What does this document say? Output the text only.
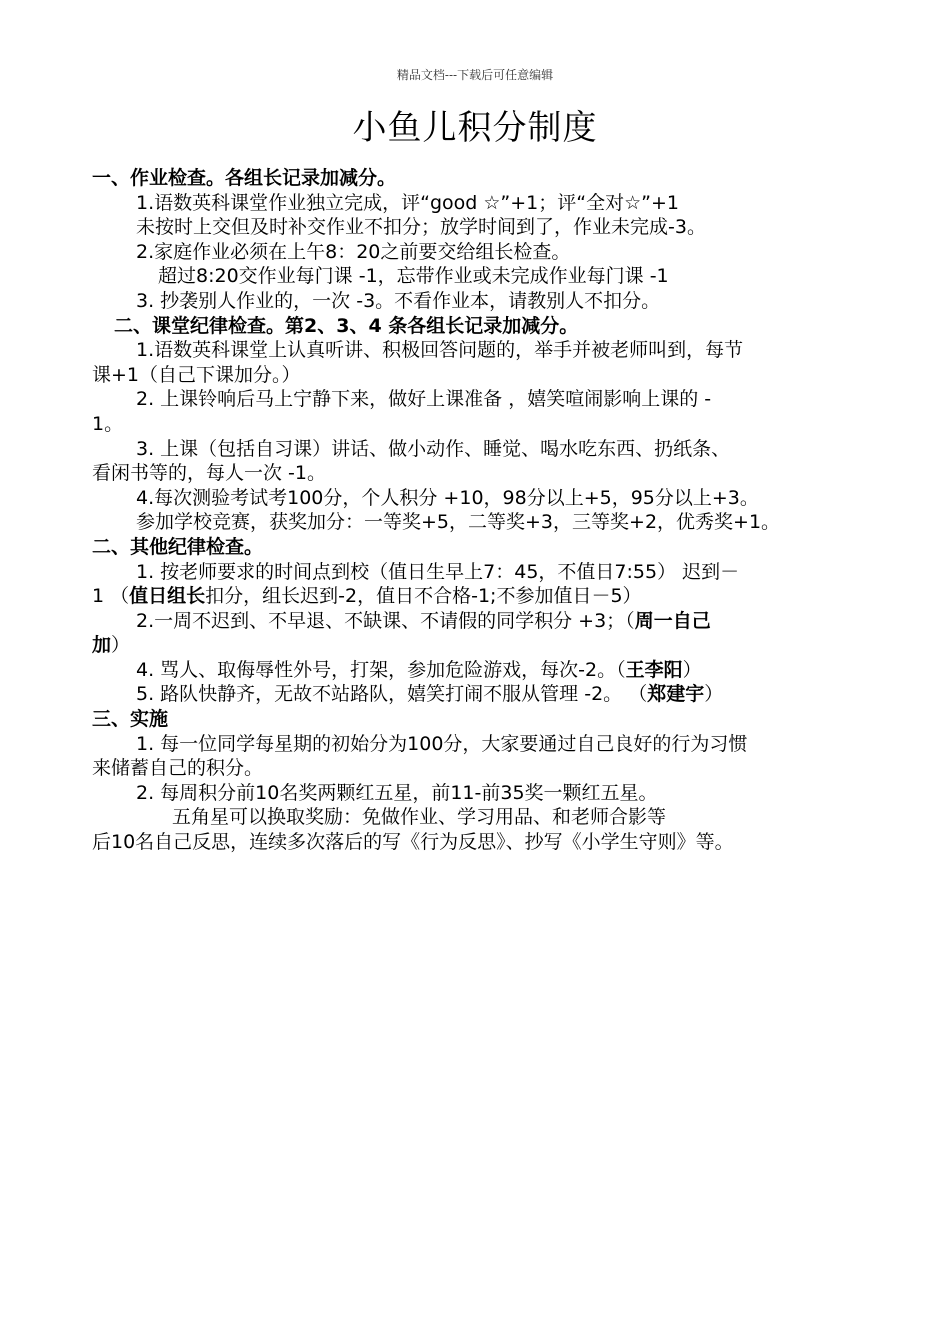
精品文档---下载后可任意编辑
小鱼儿积分制度

一、作业检查。各组长记录加减分。

1.语数英科课堂作业独立完成，评“good ☆”+1；评“全对☆”+1

未按时上交但及时补交作业不扣分；放学时间到了，作业未完成-3。

2.家庭作业必须在上午8：20之前要交给组长检查。

超过8:20交作业每门课 -1，忘带作业或未完成作业每门课 -1

3. 抄袭别人作业的，一次 -3。不看作业本，请教别人不扣分。

二、课堂纪律检查。第2、3、4 条各组长记录加减分。

1.语数英科课堂上认真听讲、积极回答问题的，举手并被老师叫到，每节

课+1（自己下课加分。）

2. 上课铃响后马上宁静下来，做好上课准备 ，嬉笑喧闹影响上课的 -

1。

3. 上课（包括自习课）讲话、做小动作、睡觉、喝水吃东西、扔纸条、

看闲书等的，每人一次 -1。

4.每次测验考试考100分，个人积分 +10，98分以上+5，95分以上+3。

参加学校竞赛，获奖加分：一等奖+5，二等奖+3，三等奖+2，优秀奖+1。

二、其他纪律检查。

1. 按老师要求的时间点到校（值日生早上7：45，不值日7:55） 迟到－

1 （值日组长扣分，组长迟到-2，值日不合格-1;不参加值日－5）

2.一周不迟到、不早退、不缺课、不请假的同学积分 +3；（周一自己

加）

4. 骂人、取侮辱性外号，打架，参加危险游戏，每次-2。（王李阳）

5. 路队快静齐，无故不站路队，嬉笑打闹不服从管理 -2。 （郑建宇）

三、实施

1. 每一位同学每星期的初始分为100分，大家要通过自己良好的行为习惯

来储蓄自己的积分。

2. 每周积分前10名奖两颗红五星，前11-前35奖一颗红五星。

五角星可以换取奖励：免做作业、学习用品、和老师合影等

后10名自己反思，连续多次落后的写《行为反思》、抄写《小学生守则》等。
